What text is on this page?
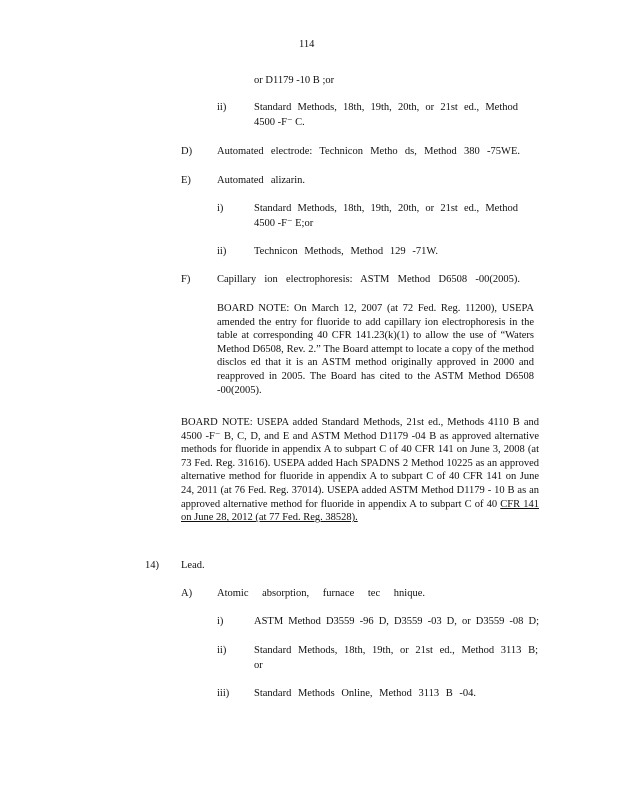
114
or D1179 -10 B ;or
ii)	Standard Methods, 18th, 19th, 20th, or 21st ed., Method
4500 -F⁻ C.
D) Automated electrode: Technicon Metho ds, Method 380 -75WE.
E) Automated alizarin.
i)	Standard Methods, 18th, 19th, 20th, or 21st ed., Method
4500 -F⁻ E;or
ii)	Technicon Methods, Method 129 -71W.
F)	Capillary ion electrophoresis: ASTM Method D6508 -00(2005).
BOARD NOTE: On March 12, 2007 (at 72 Fed. Reg. 11200), USEPA amended the entry for fluoride to add capillary ion electrophoresis in the table at corresponding 40 CFR 141.23(k)(1) to allow the use of “Waters Method D6508, Rev. 2.” The Board attempt to locate a copy of the method disclos ed that it is an ASTM method originally approved in 2000 and reapproved in 2005. The Board has cited to the ASTM Method D6508 -00(2005).
BOARD NOTE: USEPA added Standard Methods, 21st ed., Methods 4110 B and 4500 -F⁻ B, C, D, and E and ASTM Method D1179 -04 B as approved alternative methods for fluoride in appendix A to subpart C of 40 CFR 141 on June 3, 2008 (at 73 Fed. Reg. 31616). USEPA added Hach SPADNS 2 Method 10225 as an approved alternative method for fluoride in appendix A to subpart C of 40 CFR 141 on June 24, 2011 (at 76 Fed. Reg. 37014). USEPA added ASTM Method D1179 - 10 B as an approved alternative method for fluoride in appendix A to subpart C of 40 CFR 141 on June 28, 2012 (at 77 Fed. Reg. 38528).
14) Lead.
A) Atomic absorption, furnace tec hnique.
i)	ASTM Method D3559 -96 D, D3559 -03 D, or D3559 -08 D;
ii)	Standard Methods, 18th, 19th, or 21st ed., Method 3113 B;
or
iii) Standard Methods Online, Method 3113 B -04.
